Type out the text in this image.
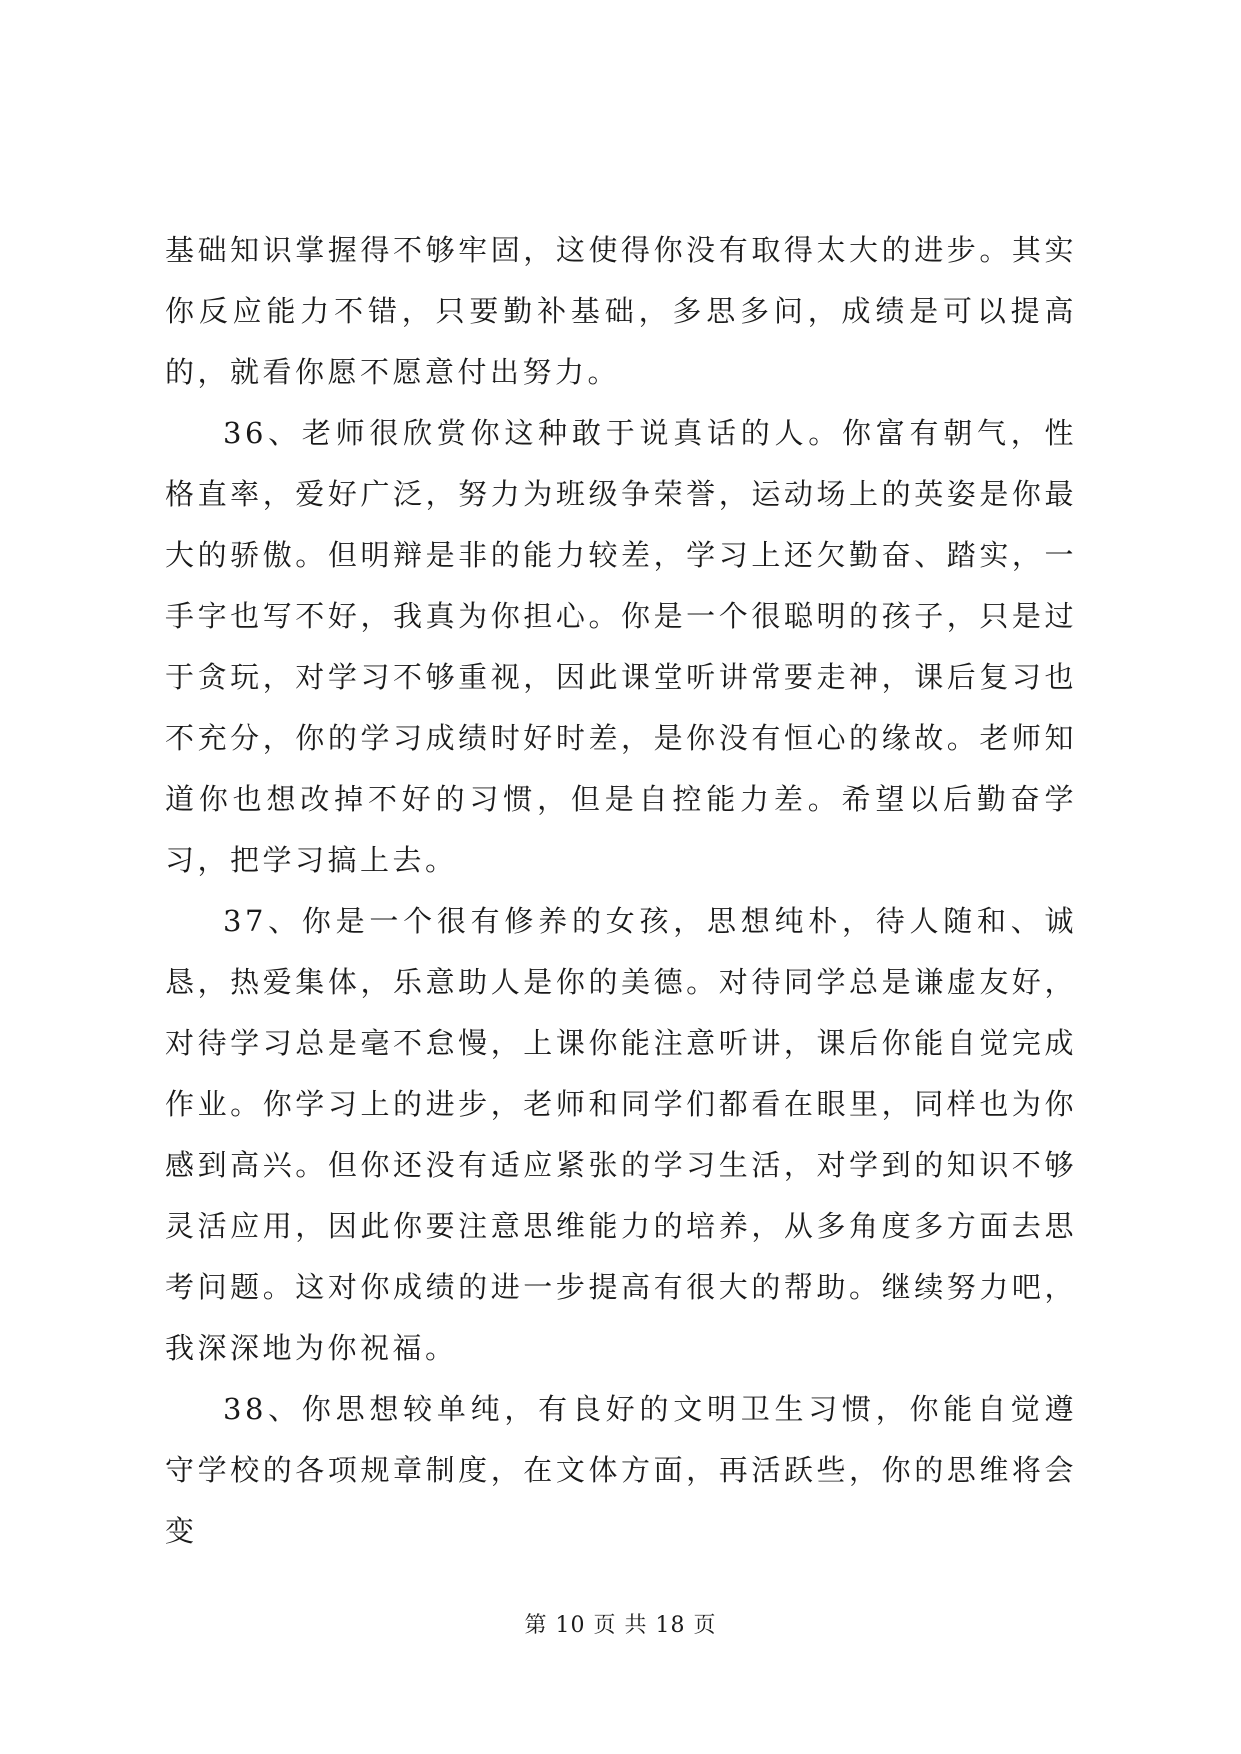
基础知识掌握得不够牢固，这使得你没有取得太大的进步。其实你反应能力不错，只要勤补基础，多思多问，成绩是可以提高的，就看你愿不愿意付出努力。

36、老师很欣赏你这种敢于说真话的人。你富有朝气，性格直率，爱好广泛，努力为班级争荣誉，运动场上的英姿是你最大的骄傲。但明辩是非的能力较差，学习上还欠勤奋、踏实，一手字也写不好，我真为你担心。你是一个很聪明的孩子，只是过于贪玩，对学习不够重视，因此课堂听讲常要走神，课后复习也不充分，你的学习成绩时好时差，是你没有恒心的缘故。老师知道你也想改掉不好的习惯，但是自控能力差。希望以后勤奋学习，把学习搞上去。

37、你是一个很有修养的女孩，思想纯朴，待人随和、诚恳，热爱集体，乐意助人是你的美德。对待同学总是谦虚友好，对待学习总是毫不怠慢，上课你能注意听讲，课后你能自觉完成作业。你学习上的进步，老师和同学们都看在眼里，同样也为你感到高兴。但你还没有适应紧张的学习生活，对学到的知识不够灵活应用，因此你要注意思维能力的培养，从多角度多方面去思考问题。这对你成绩的进一步提高有很大的帮助。继续努力吧，我深深地为你祝福。

38、你思想较单纯，有良好的文明卫生习惯，你能自觉遵守学校的各项规章制度，在文体方面，再活跃些，你的思维将会变

第 10 页 共 18 页
